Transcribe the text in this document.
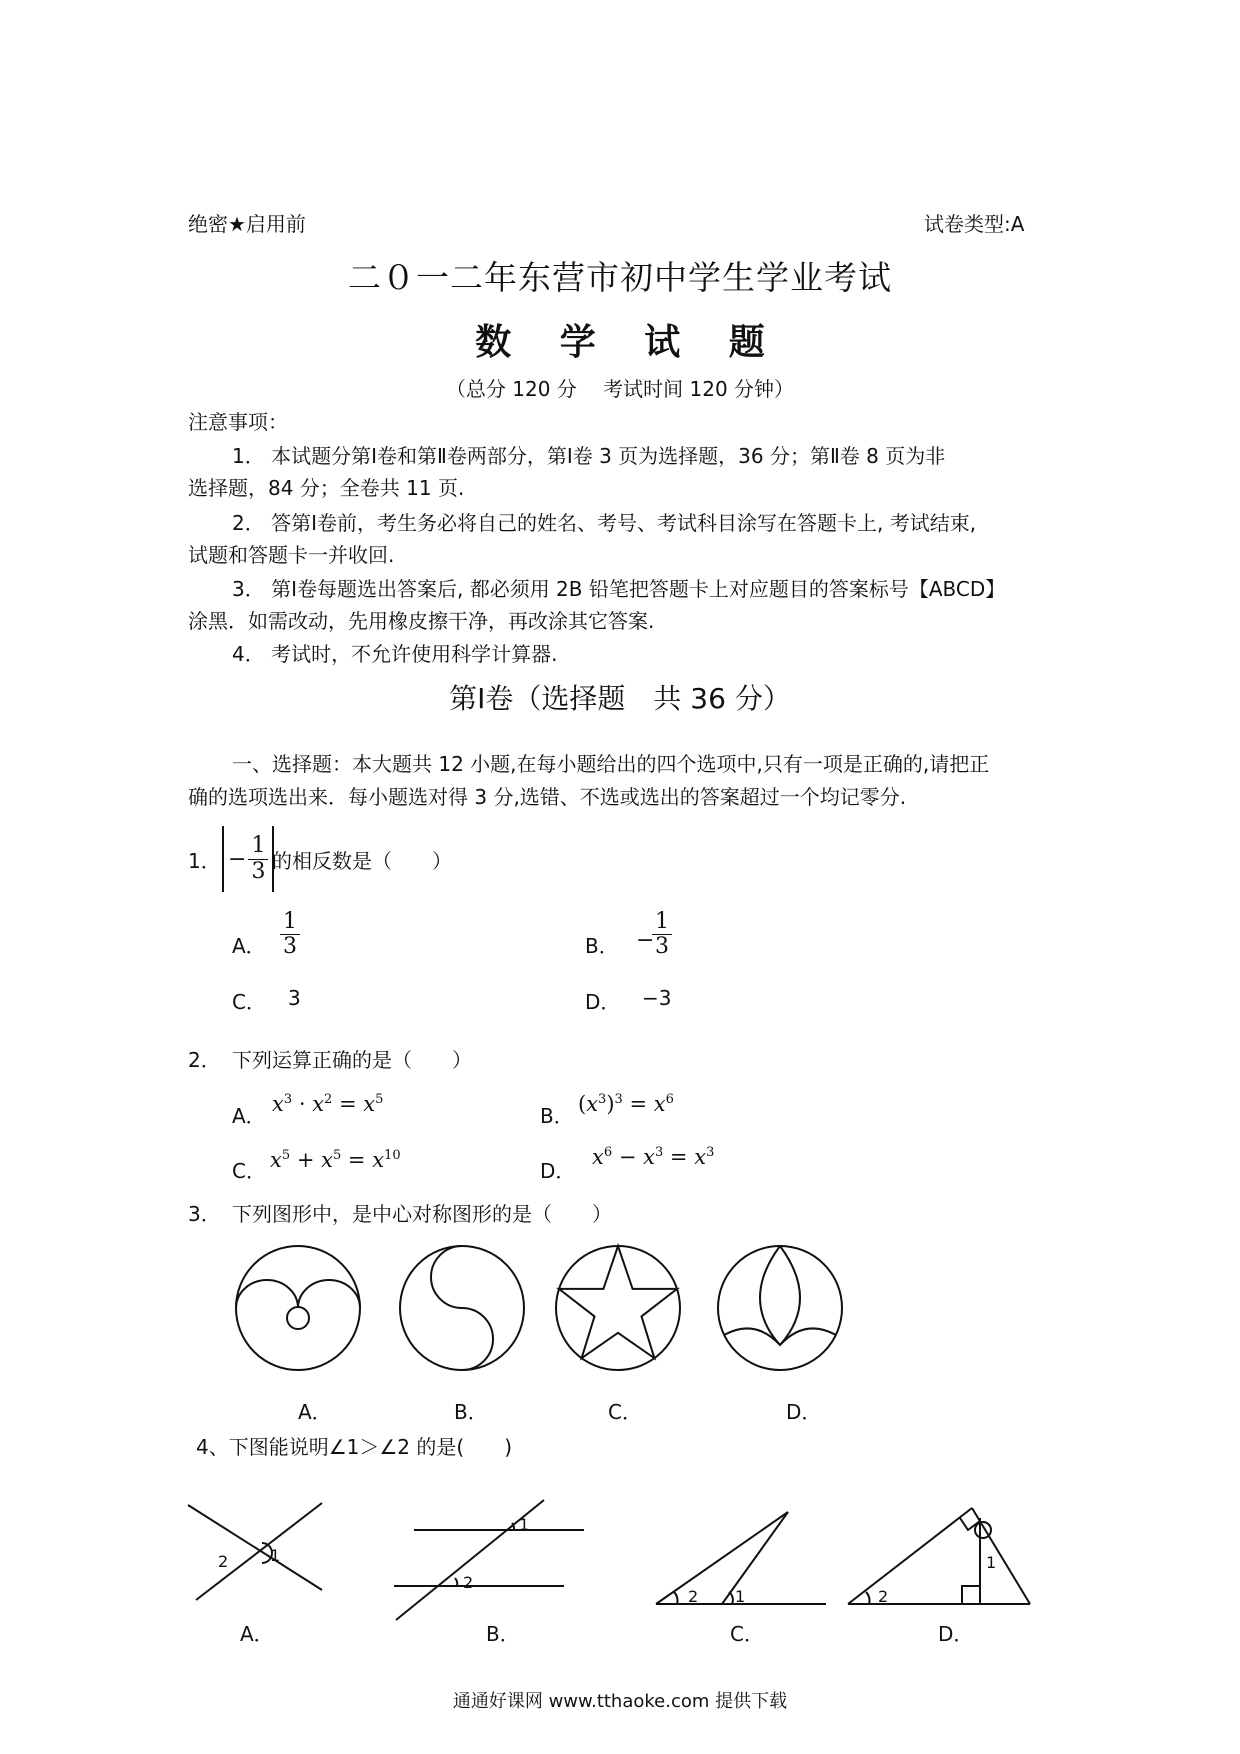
绝密★启用前	试卷类型:A
二０一二年东营市初中学生学业考试
数 学 试 题
（总分 120 分　 考试时间 120 分钟）
注意事项：
1． 本试题分第Ⅰ卷和第Ⅱ卷两部分，第Ⅰ卷 3 页为选择题，36 分；第Ⅱ卷 8 页为非
选择题，84 分；全卷共 11 页.
2． 答第Ⅰ卷前，考生务必将自己的姓名、考号、考试科目涂写在答题卡上, 考试结束,
试题和答题卡一并收回.
3． 第Ⅰ卷每题选出答案后, 都必须用 2B 铅笔把答题卡上对应题目的答案标号【ABCD】
涂黑．如需改动，先用橡皮擦干净，再改涂其它答案.
4． 考试时，不允许使用科学计算器.
第Ⅰ卷（选择题　共 36 分）
一、选择题：本大题共 12 小题,在每小题给出的四个选项中,只有一项是正确的,请把正
确的选项选出来．每小题选对得 3 分,选错、不选或选出的答案超过一个均记零分.
1． − $\frac{1}{3}$ 的相反数是（　　）
A． $\frac{1}{3}$	B． −
$\frac{1}{3}$
C． 3	D． −3
2． 下列运算正确的是（　　）
A． $x^3 \cdot x^2 = x^5$
B． $(x^3)^3 = x^6$
C． $x^5 + x^5 = x^{10}$
D．
$x^6 - x^3 = x^3$
3． 下列图形中，是中心对称图形的是（　　）
A．	B．	C．	D．
4、下图能说明∠1＞∠2 的是(　　)
2	1
1
2
2 1
1
2
A．	B．	C．	D．
通通好课网 www.tthaoke.com 提供下载
